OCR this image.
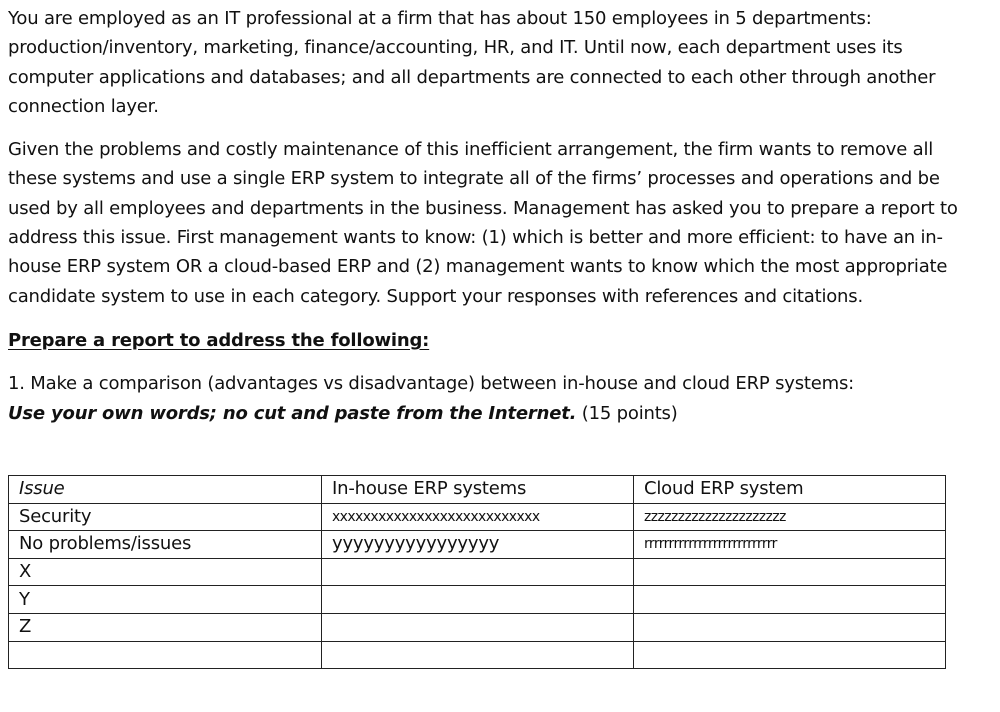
You are employed as an IT professional at a firm that has about 150 employees in 5 departments: production/inventory, marketing, finance/accounting, HR, and IT. Until now, each department uses its computer applications and databases; and all departments are connected to each other through another connection layer.

Given the problems and costly maintenance of this inefficient arrangement, the firm wants to remove all these systems and use a single ERP system to integrate all of the firms’ processes and operations and be used by all employees and departments in the business. Management has asked you to prepare a report to address this issue. First management wants to know: (1) which is better and more efficient: to have an in-house ERP system OR a cloud-based ERP and (2) management wants to know which the most appropriate candidate system to use in each category. Support your responses with references and citations.

Prepare a report to address the following:

1. Make a comparison (advantages vs disadvantage) between in-house and cloud ERP systems:
Use your own words; no cut and paste from the Internet. (15 points)

Issue	In-house ERP systems	Cloud ERP system
Security	xxxxxxxxxxxxxxxxxxxxxxxxxxx	zzzzzzzzzzzzzzzzzzzzz
No problems/issues	yyyyyyyyyyyyyyyy	rrrrrrrrrrrrrrrrrrrrrrrrrrr
X		
Y		
Z		
